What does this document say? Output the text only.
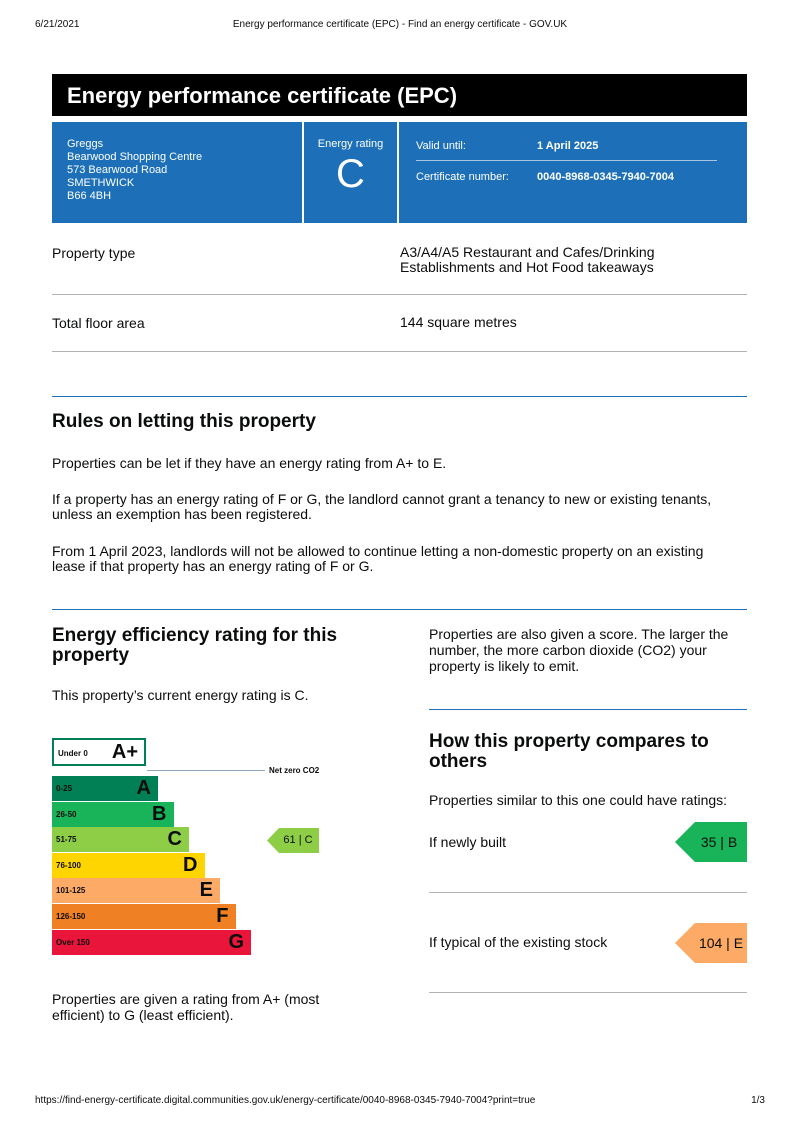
6/21/2021	Energy performance certificate (EPC) - Find an energy certificate - GOV.UK
Energy performance certificate (EPC)
Greggs
Bearwood Shopping Centre
573 Bearwood Road
SMETHWICK
B66 4BH
Energy rating
C
Valid until:	1 April 2025
Certificate number:	0040-8968-0345-7940-7004
Property type	A3/A4/A5 Restaurant and Cafes/Drinking
Establishments and Hot Food takeaways
Total floor area	144 square metres
Rules on letting this property
Properties can be let if they have an energy rating from A+ to E.
If a property has an energy rating of F or G, the landlord cannot grant a tenancy to new or existing tenants,
unless an exemption has been registered.
From 1 April 2023, landlords will not be allowed to continue letting a non-domestic property on an existing
lease if that property has an energy rating of F or G.
Energy efficiency rating for this
property
This property’s current energy rating is C.
Properties are also given a score. The larger the
number, the more carbon dioxide (CO2) your
property is likely to emit.
Under 0 A+
Net zero CO2
0-25	A
26-50	B
51-75	C
76-100	D
101-125	E
126-150	F
Over 150	G
61 | C
Properties are given a rating from A+ (most
efficient) to G (least efficient).
How this property compares to
others
Properties similar to this one could have ratings:
If newly built	35 | B
If typical of the existing stock	104 | E
https://find-energy-certificate.digital.communities.gov.uk/energy-certificate/0040-8968-0345-7940-7004?print=true	1/3
